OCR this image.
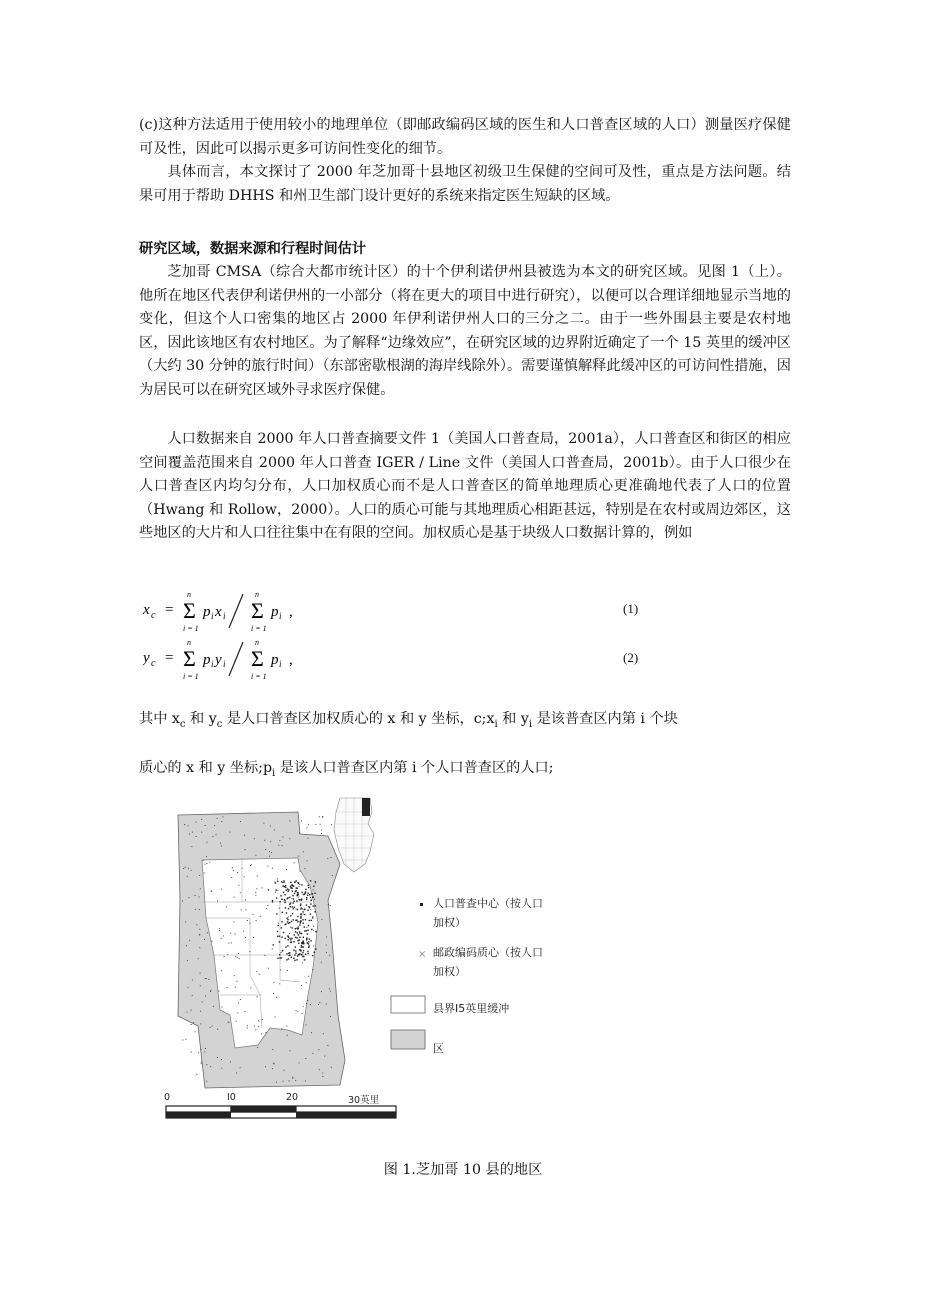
(c)这种方法适用于使用较小的地理单位（即邮政编码区域的医生和人口普查区域的人口）测量医疗保健可及性，因此可以揭示更多可访问性变化的细节。

具体而言，本文探讨了 2000 年芝加哥十县地区初级卫生保健的空间可及性，重点是方法问题。结果可用于帮助 DHHS 和州卫生部门设计更好的系统来指定医生短缺的区域。

研究区域，数据来源和行程时间估计

芝加哥 CMSA（综合大都市统计区）的十个伊利诺伊州县被选为本文的研究区域。见图 1（上）。他所在地区代表伊利诺伊州的一小部分（将在更大的项目中进行研究），以便可以合理详细地显示当地的变化，但这个人口密集的地区占 2000 年伊利诺伊州人口的三分之二。由于一些外围县主要是农村地区，因此该地区有农村地区。为了解释“边缘效应”，在研究区域的边界附近确定了一个 15 英里的缓冲区（大约 30 分钟的旅行时间）（东部密歇根湖的海岸线除外）。需要谨慎解释此缓冲区的可访问性措施，因为居民可以在研究区域外寻求医疗保健。

人口数据来自 2000 年人口普查摘要文件 1（美国人口普查局，2001a），人口普查区和街区的相应空间覆盖范围来自 2000 年人口普查 IGER / Line 文件（美国人口普查局，2001b）。由于人口很少在人口普查区内均匀分布，人口加权质心而不是人口普查区的简单地理质心更准确地代表了人口的位置（Hwang 和 Rollow，2000）。人口的质心可能与其地理质心相距甚远，特别是在农村或周边郊区，这些地区的大片和人口往往集中在有限的空间。加权质心是基于块级人口数据计算的，例如

x c =
n
Σ
i = 1
p i x i
n
Σ
i = 1
p i ,	(1)
y c =
n
Σ
i = 1
p i y i
n
Σ
i = 1
p i ,	(2)

其中 $x_c$ 和 $y_c$ 是人口普查区加权质心的 x 和 y 坐标，$c;x_i$ 和 $y_i$ 是该普查区内第 i 个块

质心的 x 和 y 坐标$;p_i$ 是该人口普查区内第 i 个人口普查区的人口;

×
人口普查中心（按人口
加权）
邮政编码质心（按人口
加权）
县界I5英里缓冲
区
0	I0	20	30英里

图 1.芝加哥 10 县的地区
